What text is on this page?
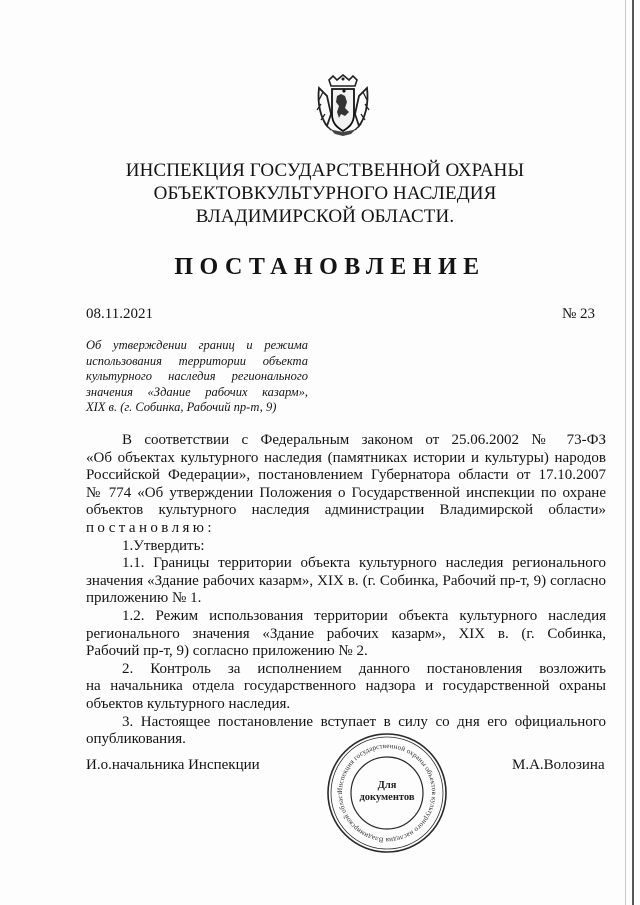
ИНСПЕКЦИЯ ГОСУДАРСТВЕННОЙ ОХРАНЫ
ОБЪЕКТОВКУЛЬТУРНОГО НАСЛЕДИЯ
ВЛАДИМИРСКОЙ ОБЛАСТИ.
ПОСТАНОВЛЕНИЕ
08.11.2021	№ 23
Об утверждении границ и режима
использования территории объекта
культурного наследия регионального
значения «Здание рабочих казарм»,
XIX в. (г. Собинка, Рабочий пр-т, 9)
В соответствии с Федеральным законом от 25.06.2002 № 73-ФЗ
«Об объектах культурного наследия (памятниках истории и культуры) народов
Российской Федерации», постановлением Губернатора области от 17.10.2007
№ 774 «Об утверждении Положения о Государственной инспекции по охране
объектов культурного наследия администрации Владимирской области»
постановляю:
1.Утвердить:
1.1. Границы территории объекта культурного наследия регионального
значения «Здание рабочих казарм», XIX в. (г. Собинка, Рабочий пр-т, 9) согласно
приложению № 1.
1.2. Режим использования территории объекта культурного наследия
регионального значения «Здание рабочих казарм», XIX в. (г. Собинка,
Рабочий пр-т, 9) согласно приложению № 2.
2. Контроль за исполнением данного постановления возложить
на начальника отдела государственного надзора и государственной охраны
объектов культурного наследия.
3. Настоящее постановление вступает в силу со дня его официального
опубликования.
И.о.начальника Инспекции	М.А.Волозина
Инспекция государственной охраны объектов культурного наследия Владимирской област
Для
документов
